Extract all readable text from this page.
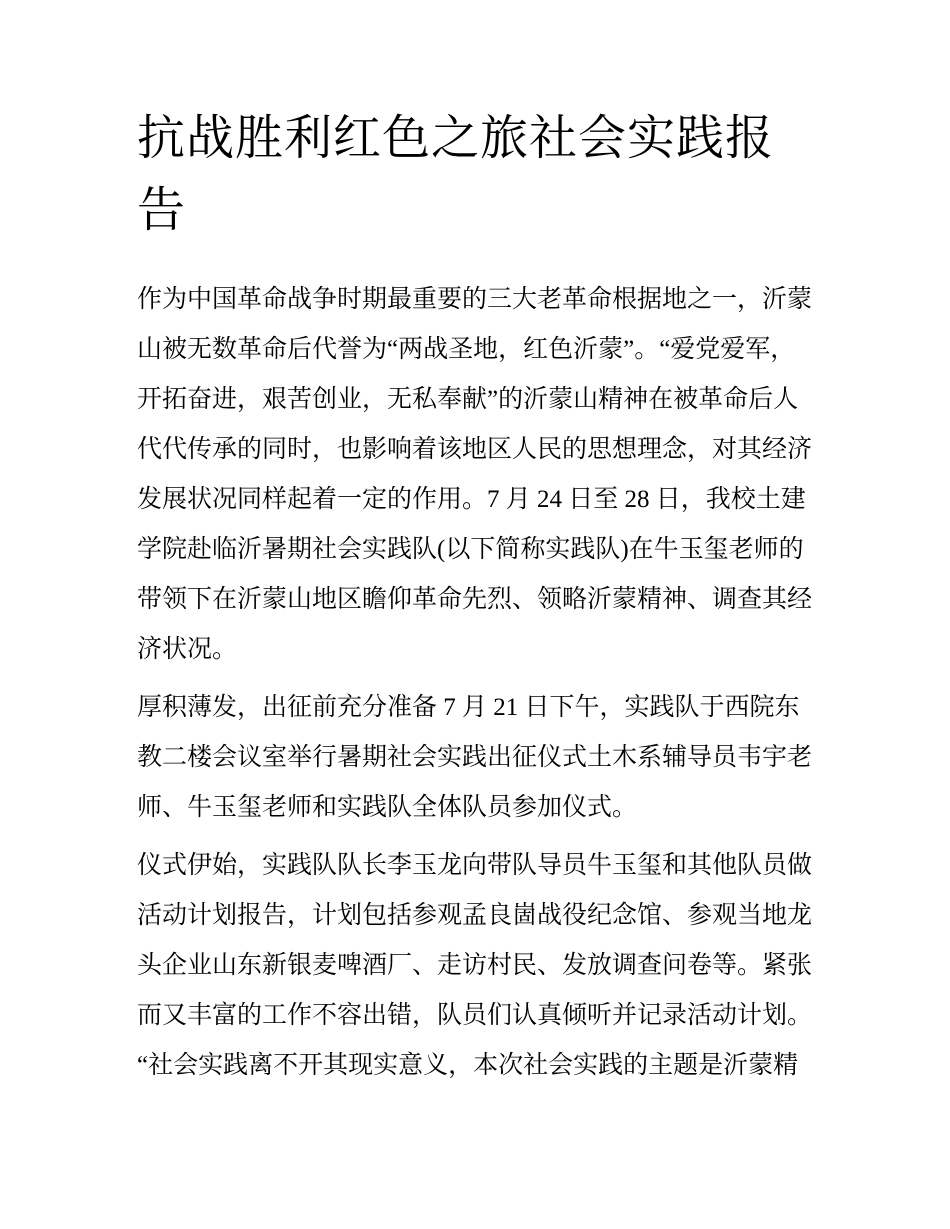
抗战胜利红色之旅社会实践报
告

作为中国革命战争时期最重要的三大老革命根据地之一，沂蒙
山被无数革命后代誉为“两战圣地，红色沂蒙”。“爱党爱军，
开拓奋进，艰苦创业，无私奉献”的沂蒙山精神在被革命后人
代代传承的同时，也影响着该地区人民的思想理念，对其经济
发展状况同样起着一定的作用。7 月 24 日至 28 日，我校土建
学院赴临沂暑期社会实践队(以下简称实践队)在牛玉玺老师的
带领下在沂蒙山地区瞻仰革命先烈、领略沂蒙精神、调查其经
济状况。

厚积薄发，出征前充分准备 7 月 21 日下午，实践队于西院东
教二楼会议室举行暑期社会实践出征仪式土木系辅导员韦宇老
师、牛玉玺老师和实践队全体队员参加仪式。

仪式伊始，实践队队长李玉龙向带队导员牛玉玺和其他队员做
活动计划报告，计划包括参观孟良崮战役纪念馆、参观当地龙
头企业山东新银麦啤酒厂、走访村民、发放调查问卷等。紧张
而又丰富的工作不容出错，队员们认真倾听并记录活动计划。
“社会实践离不开其现实意义，本次社会实践的主题是沂蒙精
